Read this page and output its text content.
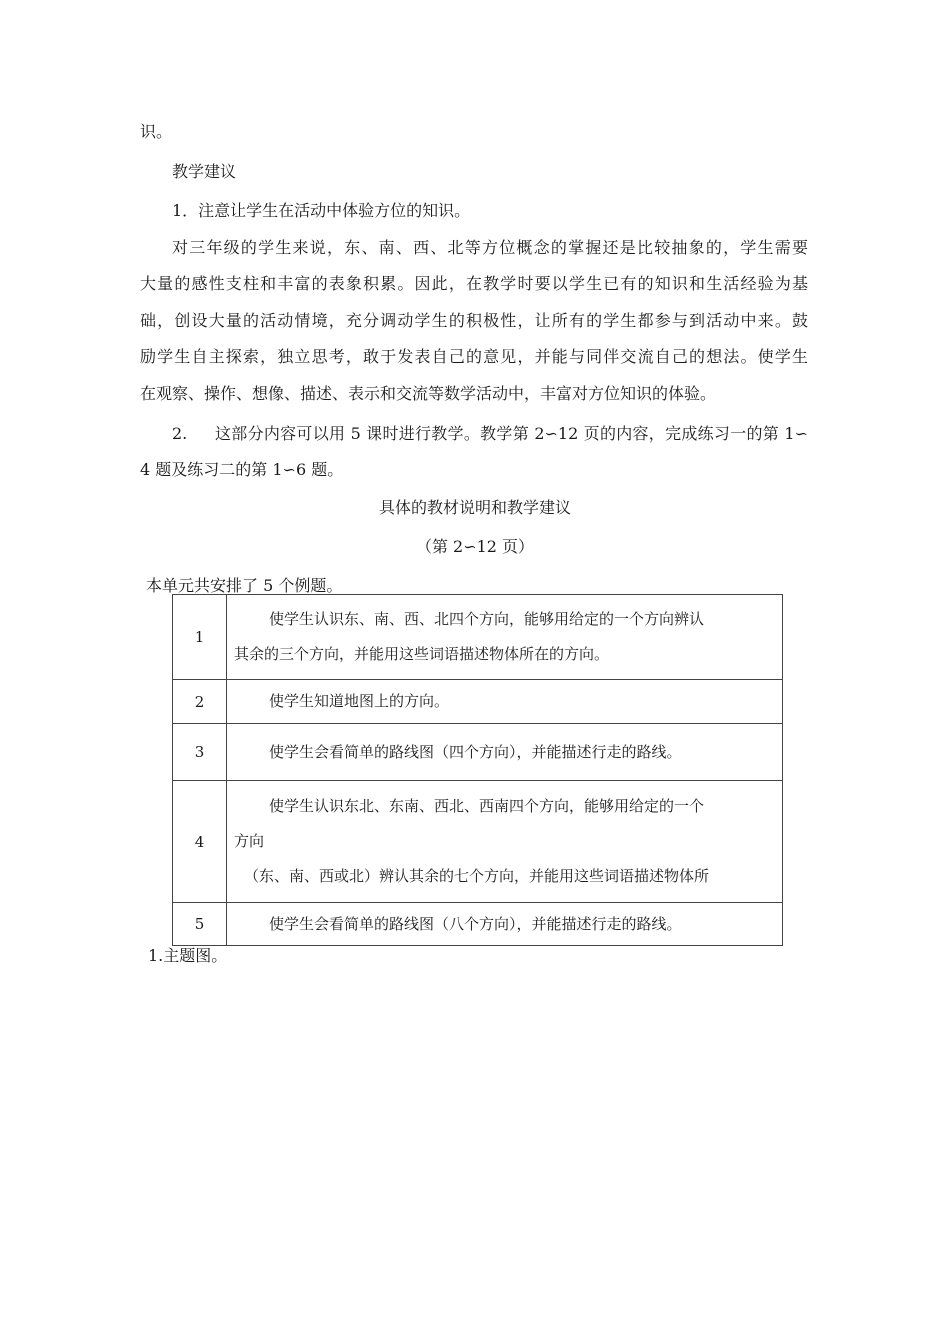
识。
教学建议
1．注意让学生在活动中体验方位的知识。
对三年级的学生来说，东、南、西、北等方位概念的掌握还是比较抽象的，学生需要
大量的感性支柱和丰富的表象积累。因此，在教学时要以学生已有的知识和生活经验为基
础，创设大量的活动情境，充分调动学生的积极性，让所有的学生都参与到活动中来。鼓
励学生自主探索，独立思考，敢于发表自己的意见，并能与同伴交流自己的想法。使学生
在观察、操作、想像、描述、表示和交流等数学活动中，丰富对方位知识的体验。
2. 这部分内容可以用 5 课时进行教学。教学第 2∽12 页的内容，完成练习一的第 1∽
4 题及练习二的第 1∽6 题。
具体的教材说明和教学建议
（第 2∽12 页）
本单元共安排了 5 个例题。
1	使学生认识东、南、西、北四个方向，能够用给定的一个方向辨认
其余的三个方向，并能用这些词语描述物体所在的方向。

2	使学生知道地图上的方向。

3	使学生会看简单的路线图（四个方向），并能描述行走的路线。

4	使学生认识东北、东南、西北、西南四个方向，能够用给定的一个
方向
（东、南、西或北）辨认其余的七个方向，并能用这些词语描述物体所

5	使学生会看简单的路线图（八个方向），并能描述行走的路线。
1.主题图。
